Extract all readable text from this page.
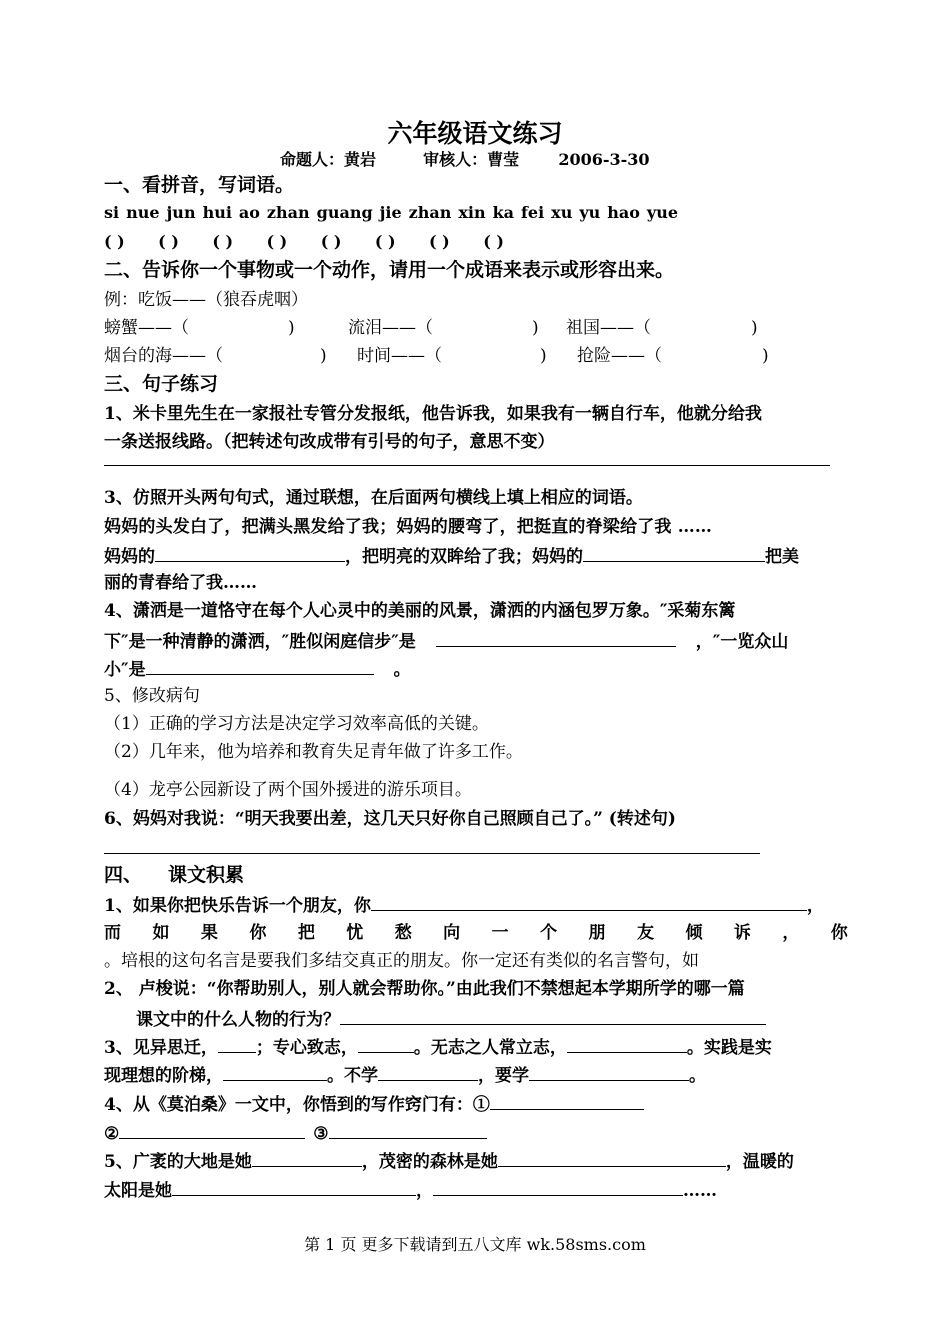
六年级语文练习
命题人：黄岩	审核人：曹莹 2006-3-30
一、看拼音，写词语。
si nue jun hui ao zhan guang jie zhan xin ka fei xu yu hao yue
( ) ( ) ( ) ( ) ( ) ( ) ( ) ( )
二、告诉你一个事物或一个动作，请用一个成语来表示或形容出来。
例：吃饭——（狼吞虎咽）
螃蟹——（	)	流泪——（	) 祖国——（	)
烟台的海——（	) 时间——（	) 抢险——（	)
三、句子练习
1、米卡里先生在一家报社专管分发报纸，他告诉我，如果我有一辆自行车，他就分给我
一条送报线路。（把转述句改成带有引号的句子，意思不变）
3、仿照开头两句句式，通过联想，在后面两句横线上填上相应的词语。
妈妈的头发白了，把满头黑发给了我；妈妈的腰弯了，把挺直的脊梁给了我 ……
妈妈的	，把明亮的双眸给了我；妈妈的	把美
丽的青春给了我……
4、潇洒是一道恪守在每个人心灵中的美丽的风景，潇洒的内涵包罗万象。″采菊东篱
下″是一种清静的潇洒，″胜似闲庭信步″是	，″一览众山
小″是	。
5、修改病句
（1）正确的学习方法是决定学习效率高低的关键。
（2）几年来，他为培养和教育失足青年做了许多工作。
（4）龙亭公园新设了两个国外援进的游乐项目。
6、妈妈对我说：“明天我要出差，这几天只好你自己照顾自己了。” (转述句)
四、 课文积累
1、如果你把快乐告诉一个朋友，你	，
而 如 果 你 把 忧 愁 向 一 个 朋 友 倾 诉 ， 你
。培根的这句名言是要我们多结交真正的朋友。你一定还有类似的名言警句，如
2、 卢梭说：“你帮助别人，别人就会帮助你。”由此我们不禁想起本学期所学的哪一篇
课文中的什么人物的行为？
3、见异思迁， ；专心致志，	。无志之人常立志，	。实践是实
现理想的阶梯，	。不学	，要学	。
4、从《莫泊桑》一文中，你悟到的写作窍门有：①
②	③
5、广袤的大地是她	，茂密的森林是她	，温暖的
太阳是她	，	……
第 1 页 更多下载请到五八文库 wk.58sms.com
